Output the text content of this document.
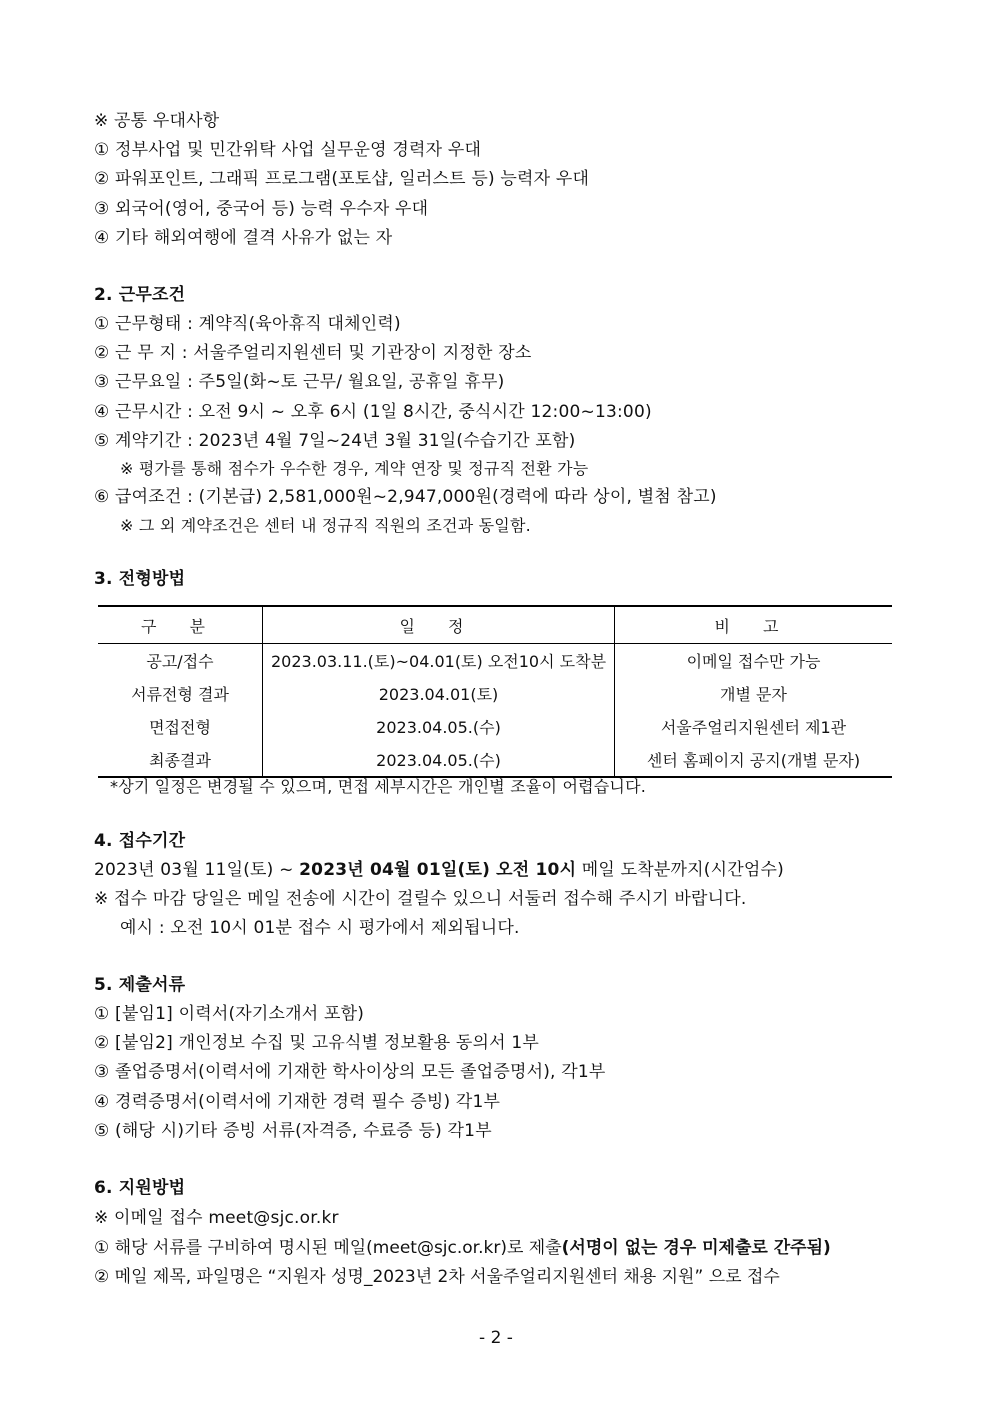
※ 공통 우대사항
① 정부사업 및 민간위탁 사업 실무운영 경력자 우대
② 파워포인트, 그래픽 프로그램(포토샵, 일러스트 등) 능력자 우대
③ 외국어(영어, 중국어 등) 능력 우수자 우대
④ 기타 해외여행에 결격 사유가 없는 자
2. 근무조건
① 근무형태 : 계약직(육아휴직 대체인력)
② 근 무 지 : 서울주얼리지원센터 및 기관장이 지정한 장소
③ 근무요일 : 주5일(화~토 근무/ 월요일, 공휴일 휴무)
④ 근무시간 : 오전 9시 ~ 오후 6시 (1일 8시간, 중식시간 12:00~13:00)
⑤ 계약기간 : 2023년 4월 7일~24년 3월 31일(수습기간 포함)
※ 평가를 통해 점수가 우수한 경우, 계약 연장 및 정규직 전환 가능
⑥ 급여조건 : (기본급) 2,581,000원~2,947,000원(경력에 따라 상이, 별첨 참고)
※ 그 외 계약조건은 센터 내 정규직 직원의 조건과 동일함.
3. 전형방법
구 분	일 정	비 고
공고/접수	2023.03.11.(토)~04.01(토) 오전10시 도착분	이메일 접수만 가능
서류전형 결과	2023.04.01(토)	개별 문자
면접전형	2023.04.05.(수)	서울주얼리지원센터 제1관
최종결과	2023.04.05.(수)	센터 홈페이지 공지(개별 문자)
*상기 일정은 변경될 수 있으며, 면접 세부시간은 개인별 조율이 어렵습니다.
4. 접수기간
2023년 03월 11일(토) ~ 2023년 04월 01일(토) 오전 10시 메일 도착분까지(시간엄수)
※ 접수 마감 당일은 메일 전송에 시간이 걸릴수 있으니 서둘러 접수해 주시기 바랍니다.
예시 : 오전 10시 01분 접수 시 평가에서 제외됩니다.
5. 제출서류
① [붙임1] 이력서(자기소개서 포함)
② [붙임2] 개인정보 수집 및 고유식별 정보활용 동의서 1부
③ 졸업증명서(이력서에 기재한 학사이상의 모든 졸업증명서), 각1부
④ 경력증명서(이력서에 기재한 경력 필수 증빙) 각1부
⑤ (해당 시)기타 증빙 서류(자격증, 수료증 등) 각1부
6. 지원방법
※ 이메일 접수 meet@sjc.or.kr
① 해당 서류를 구비하여 명시된 메일(meet@sjc.or.kr)로 제출(서명이 없는 경우 미제출로 간주됨)
② 메일 제목, 파일명은 “지원자 성명_2023년 2차 서울주얼리지원센터 채용 지원” 으로 접수
- 2 -
